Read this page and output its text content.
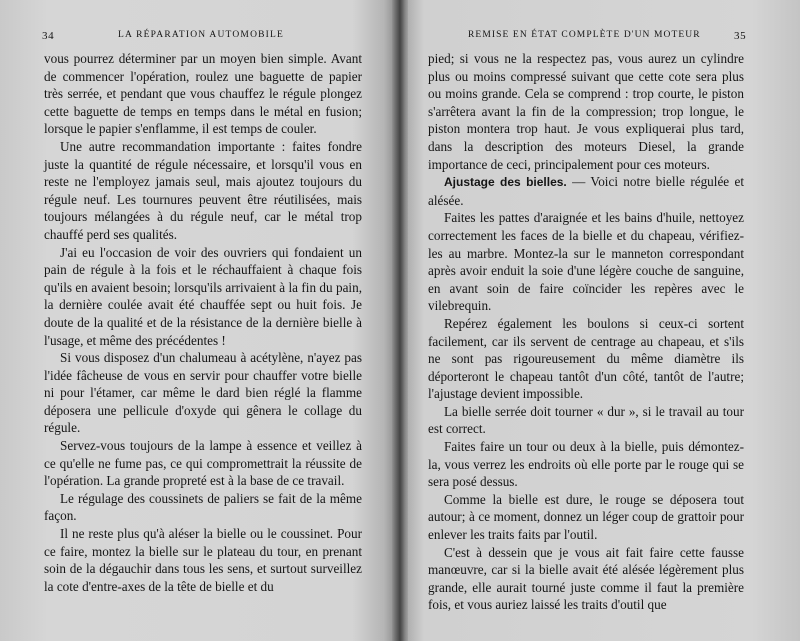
34	LA RÉPARATION AUTOMOBILE

vous pourrez déterminer par un moyen bien simple. Avant de commencer l'opération, roulez une baguette de papier très serrée, et pendant que vous chauffez le régule plongez cette baguette de temps en temps dans le métal en fusion; lorsque le papier s'enflamme, il est temps de couler.

Une autre recommandation importante : faites fondre juste la quantité de régule nécessaire, et lorsqu'il vous en reste ne l'employez jamais seul, mais ajoutez toujours du régule neuf. Les tournures peuvent être réutilisées, mais toujours mélangées à du régule neuf, car le métal trop chauffé perd ses qualités.

J'ai eu l'occasion de voir des ouvriers qui fondaient un pain de régule à la fois et le réchauffaient à chaque fois qu'ils en avaient besoin; lorsqu'ils arrivaient à la fin du pain, la dernière coulée avait été chauffée sept ou huit fois. Je doute de la qualité et de la résistance de la dernière bielle à l'usage, et même des précédentes !

Si vous disposez d'un chalumeau à acétylène, n'ayez pas l'idée fâcheuse de vous en servir pour chauffer votre bielle ni pour l'étamer, car même le dard bien réglé la flamme déposera une pellicule d'oxyde qui gênera le collage du régule.

Servez-vous toujours de la lampe à essence et veillez à ce qu'elle ne fume pas, ce qui compromettrait la réussite de l'opération. La grande propreté est à la base de ce travail.

Le régulage des coussinets de paliers se fait de la même façon.

Il ne reste plus qu'à aléser la bielle ou le coussinet. Pour ce faire, montez la bielle sur le plateau du tour, en prenant soin de la dégauchir dans tous les sens, et surtout surveillez la cote d'entre-axes de la tête de bielle et du

REMISE EN ÉTAT COMPLÈTE D'UN MOTEUR	35

pied; si vous ne la respectez pas, vous aurez un cylindre plus ou moins compressé suivant que cette cote sera plus ou moins grande. Cela se comprend : trop courte, le piston s'arrêtera avant la fin de la compression; trop longue, le piston montera trop haut. Je vous expliquerai plus tard, dans la description des moteurs Diesel, la grande importance de ceci, principalement pour ces moteurs.

Ajustage des bielles. — Voici notre bielle régulée et alésée.

Faites les pattes d'araignée et les bains d'huile, nettoyez correctement les faces de la bielle et du chapeau, vérifiez-les au marbre. Montez-la sur le manneton correspondant après avoir enduit la soie d'une légère couche de sanguine, en avant soin de faire coïncider les repères avec le vilebrequin.

Repérez également les boulons si ceux-ci sortent facilement, car ils servent de centrage au chapeau, et s'ils ne sont pas rigoureusement du même diamètre ils déporteront le chapeau tantôt d'un côté, tantôt de l'autre; l'ajustage devient impossible.

La bielle serrée doit tourner « dur », si le travail au tour est correct.

Faites faire un tour ou deux à la bielle, puis démontez-la, vous verrez les endroits où elle porte par le rouge qui se sera posé dessus.

Comme la bielle est dure, le rouge se déposera tout autour; à ce moment, donnez un léger coup de grattoir pour enlever les traits faits par l'outil.

C'est à dessein que je vous ait fait faire cette fausse manœuvre, car si la bielle avait été alésée légèrement plus grande, elle aurait tourné juste comme il faut la première fois, et vous auriez laissé les traits d'outil que
